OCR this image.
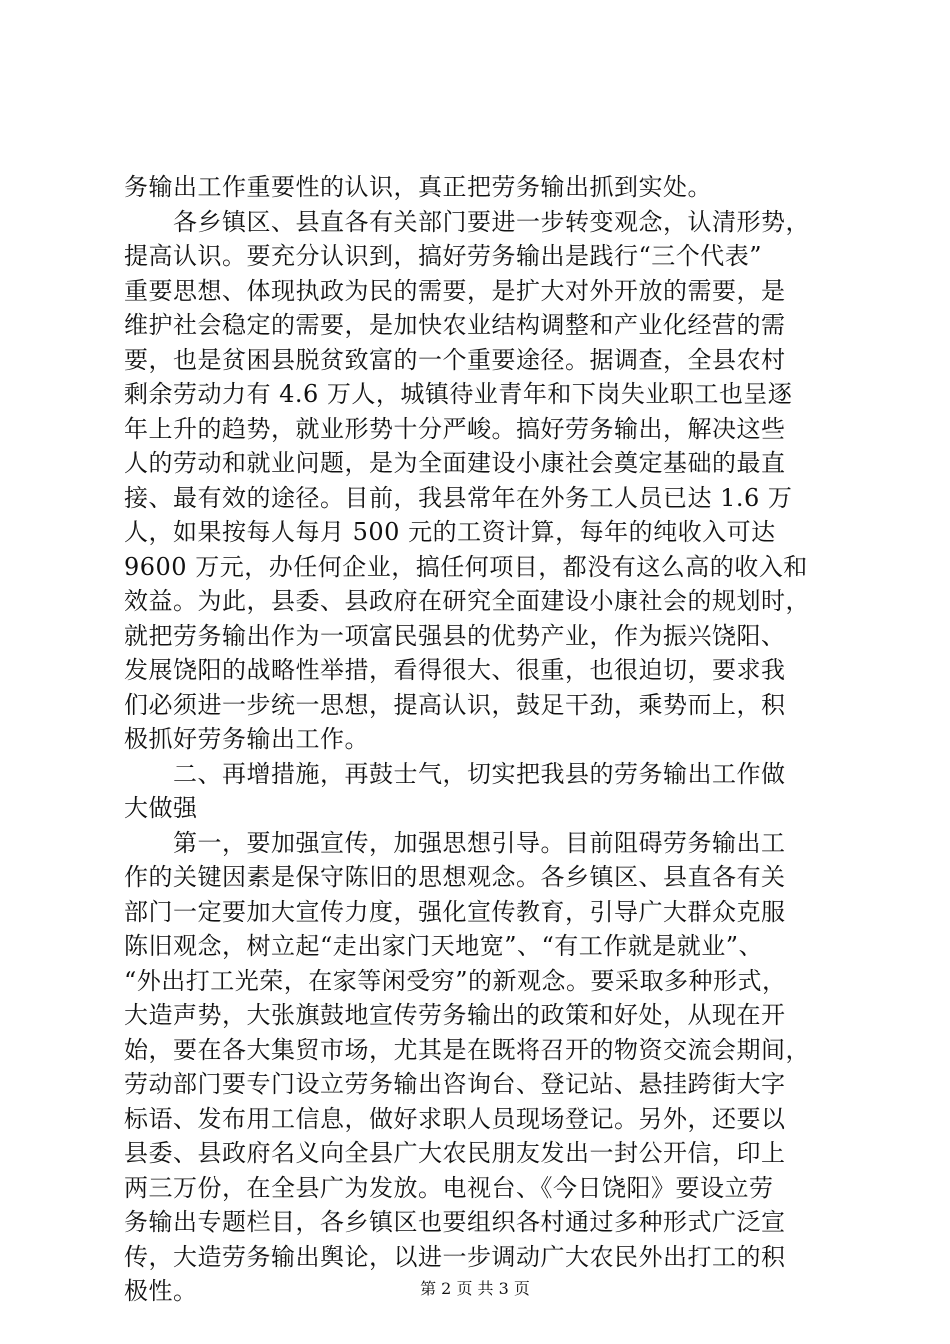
务输出工作重要性的认识，真正把劳务输出抓到实处。
　　各乡镇区、县直各有关部门要进一步转变观念，认清形势，
提高认识。要充分认识到，搞好劳务输出是践行“三个代表”
重要思想、体现执政为民的需要，是扩大对外开放的需要，是
维护社会稳定的需要，是加快农业结构调整和产业化经营的需
要，也是贫困县脱贫致富的一个重要途径。据调查，全县农村
剩余劳动力有 4.6 万人，城镇待业青年和下岗失业职工也呈逐
年上升的趋势，就业形势十分严峻。搞好劳务输出，解决这些
人的劳动和就业问题，是为全面建设小康社会奠定基础的最直
接、最有效的途径。目前，我县常年在外务工人员已达 1.6 万
人，如果按每人每月 500 元的工资计算，每年的纯收入可达
9600 万元，办任何企业，搞任何项目，都没有这么高的收入和
效益。为此，县委、县政府在研究全面建设小康社会的规划时，
就把劳务输出作为一项富民强县的优势产业，作为振兴饶阳、
发展饶阳的战略性举措，看得很大、很重，也很迫切，要求我
们必须进一步统一思想，提高认识，鼓足干劲，乘势而上，积
极抓好劳务输出工作。
　　二、再增措施，再鼓士气，切实把我县的劳务输出工作做
大做强
　　第一，要加强宣传，加强思想引导。目前阻碍劳务输出工
作的关键因素是保守陈旧的思想观念。各乡镇区、县直各有关
部门一定要加大宣传力度，强化宣传教育，引导广大群众克服
陈旧观念，树立起“走出家门天地宽”、“有工作就是就业”、
“外出打工光荣，在家等闲受穷”的新观念。要采取多种形式，
大造声势，大张旗鼓地宣传劳务输出的政策和好处，从现在开
始，要在各大集贸市场，尤其是在既将召开的物资交流会期间，
劳动部门要专门设立劳务输出咨询台、登记站、悬挂跨街大字
标语、发布用工信息，做好求职人员现场登记。另外，还要以
县委、县政府名义向全县广大农民朋友发出一封公开信，印上
两三万份，在全县广为发放。电视台、《今日饶阳》要设立劳
务输出专题栏目，各乡镇区也要组织各村通过多种形式广泛宣
传，大造劳务输出舆论，以进一步调动广大农民外出打工的积
极性。	第 2 页 共 3 页
